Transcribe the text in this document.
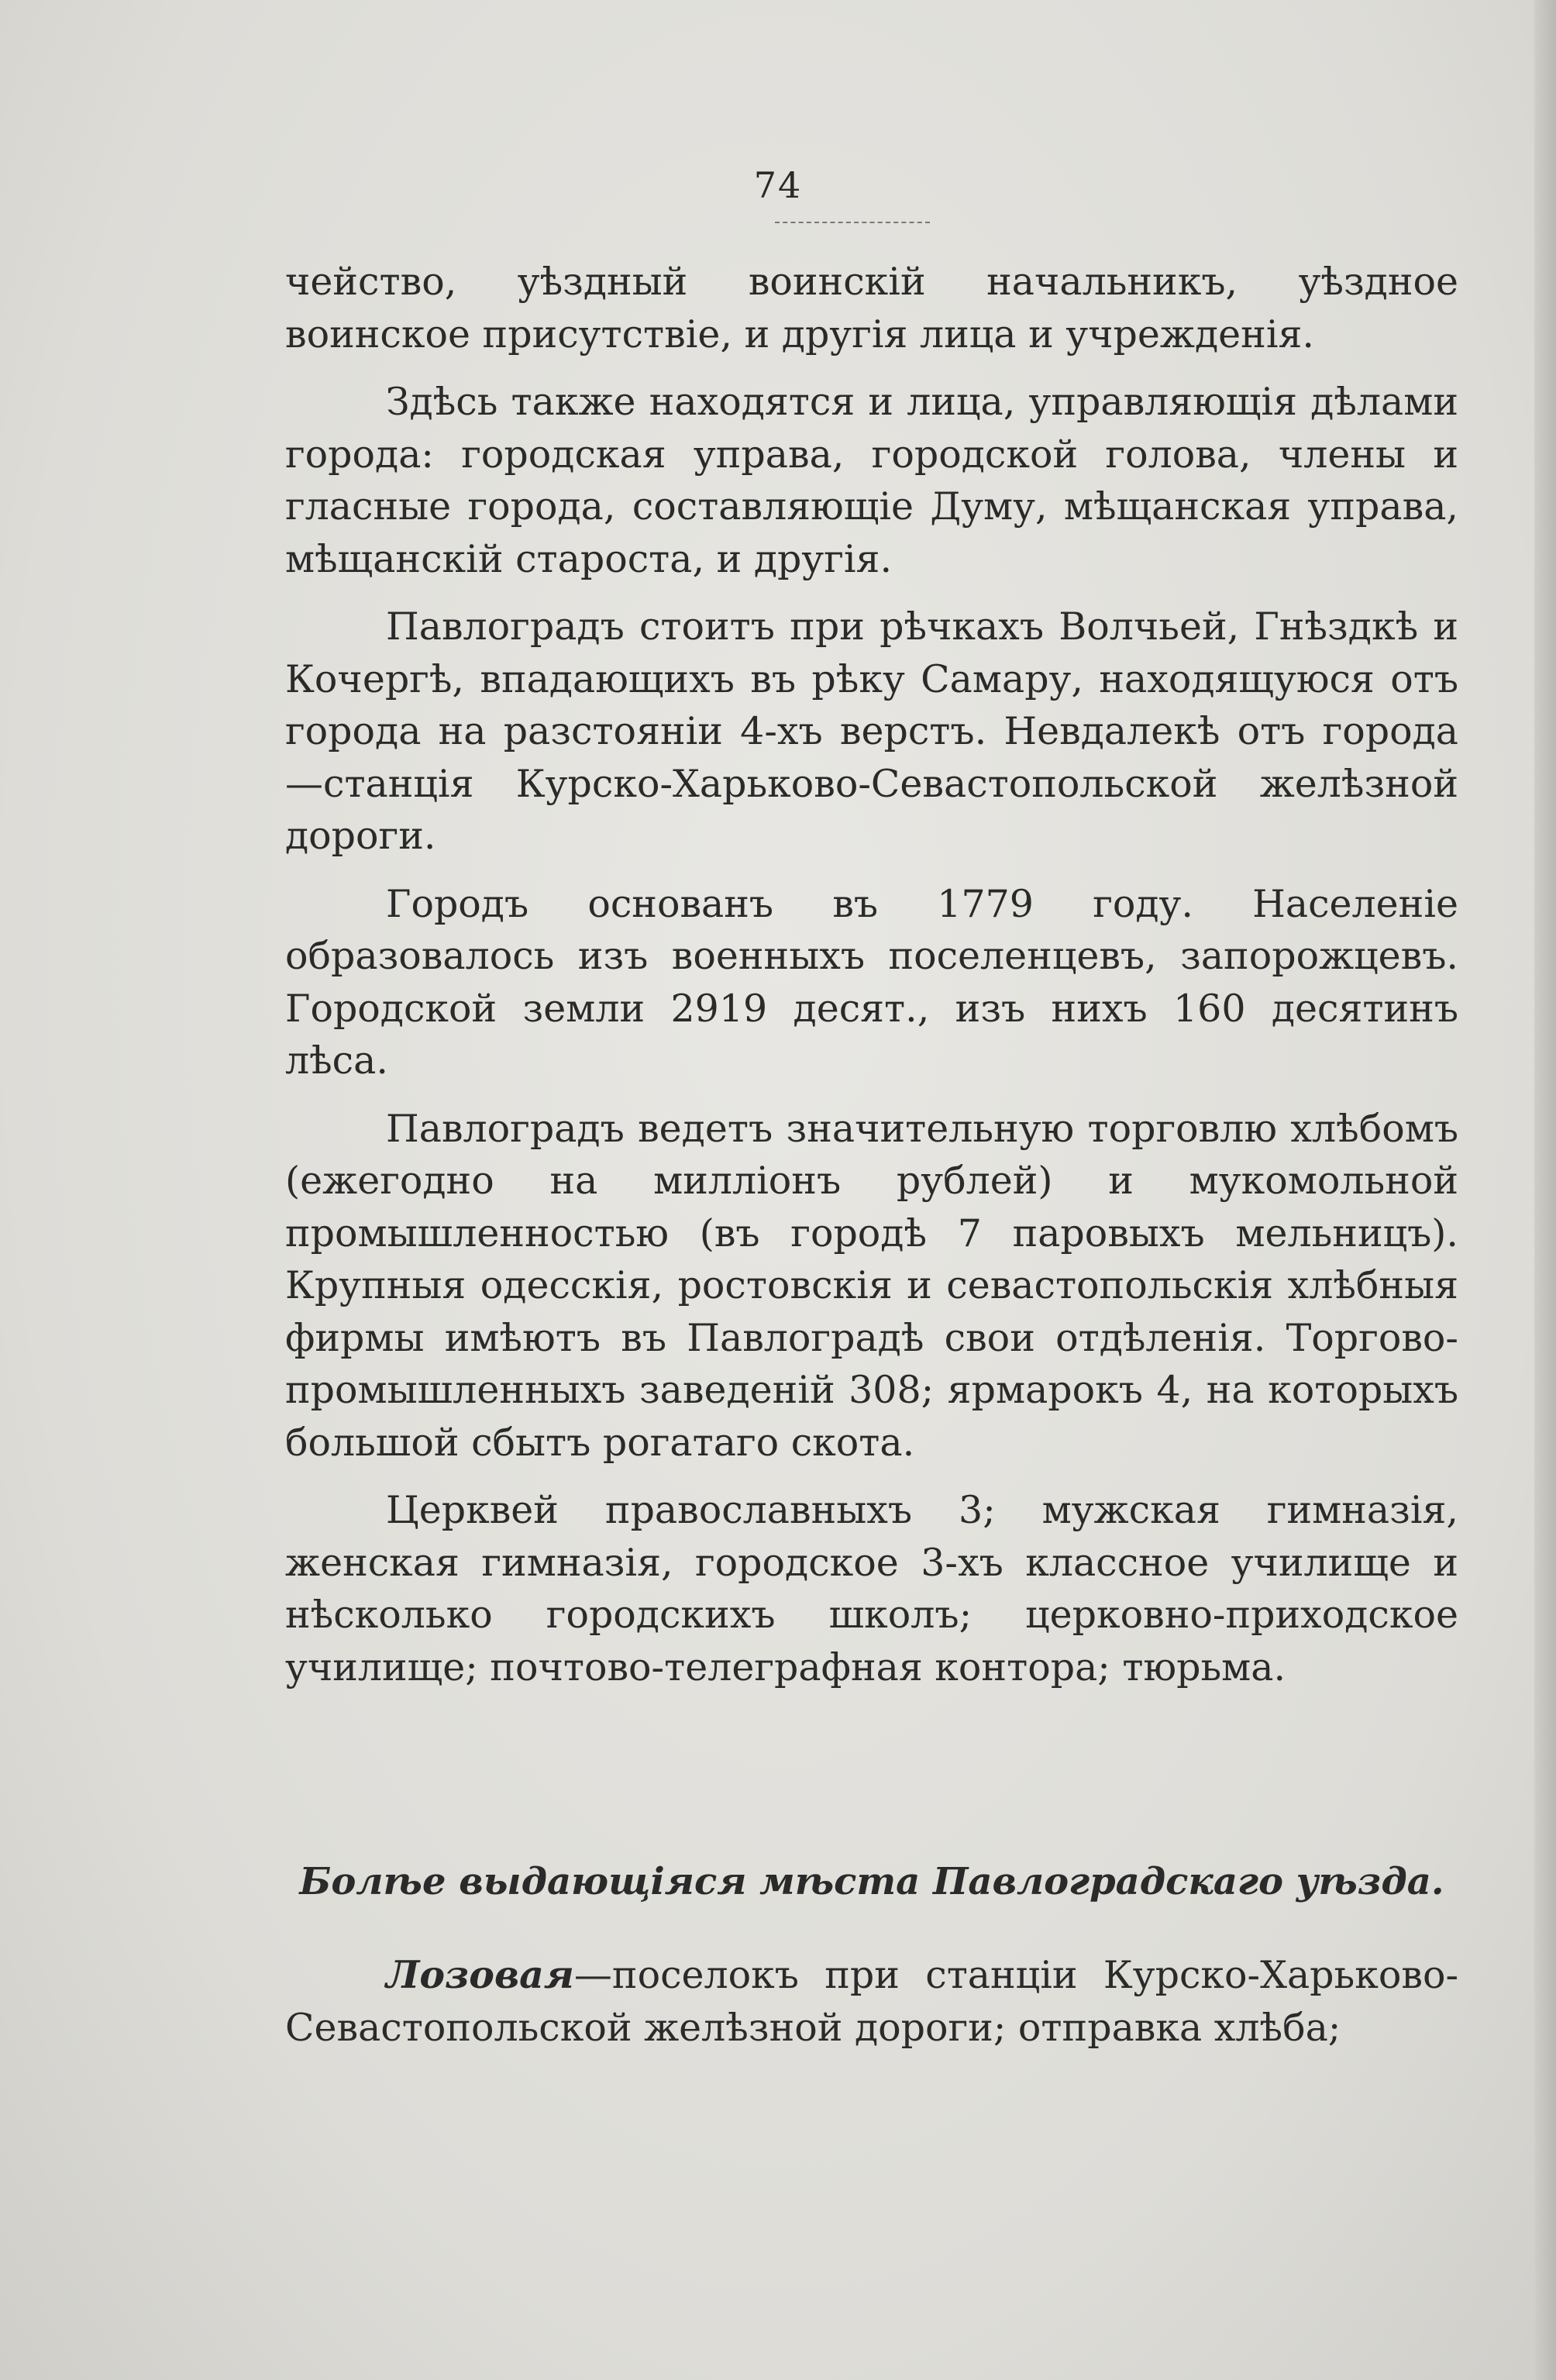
74

чейство, уѣздный воинскій начальникъ, уѣздное воинское присутствіе, и другія лица и учрежденія.

Здѣсь также находятся и лица, управляющія дѣлами города: городская управа, городской голова, члены и гласные города, составляющіе Думу, мѣщанская управа, мѣщанскій староста, и другія.

Павлоградъ стоитъ при рѣчкахъ Волчьей, Гнѣздкѣ и Кочергѣ, впадающихъ въ рѣку Самару, находящуюся отъ города на разстояніи 4-хъ верстъ. Невдалекѣ отъ города—станція Курско-Харьково-Севастопольской желѣзной дороги.

Городъ основанъ въ 1779 году. Населеніе образовалось изъ военныхъ поселенцевъ, запорожцевъ. Городской земли 2919 десят., изъ нихъ 160 десятинъ лѣса.

Павлоградъ ведетъ значительную торговлю хлѣбомъ (ежегодно на милліонъ рублей) и мукомольной промышленностью (въ городѣ 7 паровыхъ мельницъ). Крупныя одесскія, ростовскія и севастопольскія хлѣбныя фирмы имѣютъ въ Павлоградѣ свои отдѣленія. Торгово-промышленныхъ заведеній 308; ярмарокъ 4, на которыхъ большой сбытъ рогатаго скота.

Церквей православныхъ 3; мужская гимназія, женская гимназія, городское 3-хъ классное училище и нѣсколько городскихъ школъ; церковно-приходское училище; почтово-телеграфная контора; тюрьма.

Болѣе выдающіяся мѣста Павлоградскаго уѣзда.

Лозовая—поселокъ при станціи Курско-Харьково-Севастопольской желѣзной дороги; отправка хлѣба;
